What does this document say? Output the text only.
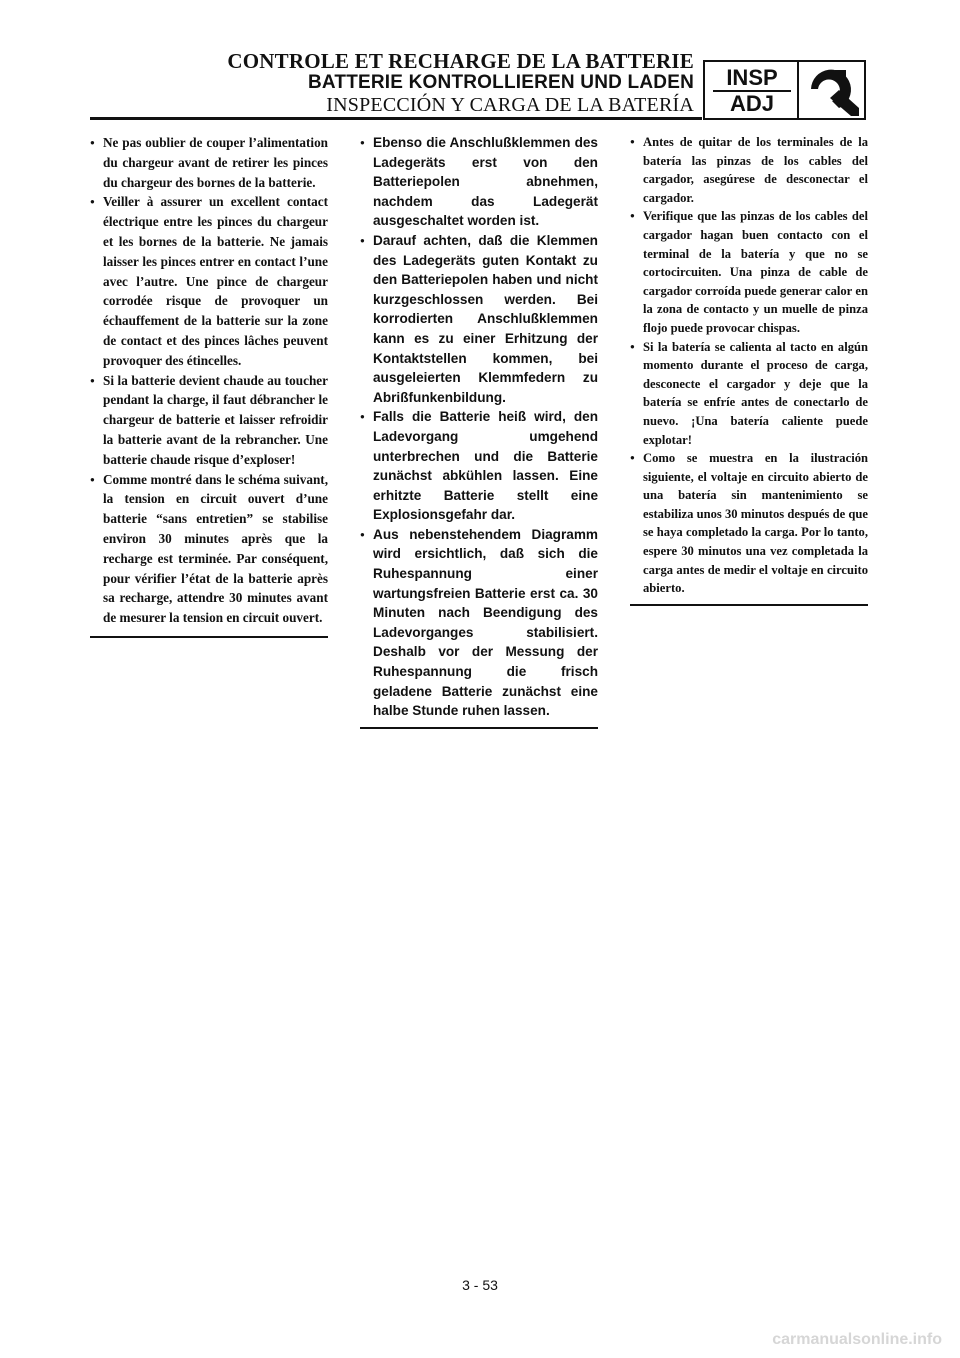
CONTROLE ET RECHARGE DE LA BATTERIE
BATTERIE KONTROLLIEREN UND LADEN
INSPECCIÓN Y CARGA DE LA BATERÍA
INSP
ADJ
● Ne pas oublier de couper l’alimentation du chargeur avant de retirer les pinces du chargeur des bornes de la batterie.
● Veiller à assurer un excellent contact électrique entre les pinces du chargeur et les bornes de la batterie. Ne jamais laisser les pinces entrer en contact l’une avec l’autre. Une pince de chargeur corrodée risque de provoquer un échauffement de la batterie sur la zone de contact et des pinces lâches peuvent provoquer des étincelles.
● Si la batterie devient chaude au toucher pendant la charge, il faut débrancher le chargeur de batterie et laisser refroidir la batterie avant de la rebrancher. Une batterie chaude risque d’exploser!
● Comme montré dans le schéma suivant, la tension en circuit ouvert d’une batterie “sans entretien” se stabilise environ 30 minutes après que la recharge est terminée. Par conséquent, pour vérifier l’état de la batterie après sa recharge, attendre 30 minutes avant de mesurer la tension en circuit ouvert.
● Ebenso die Anschlußklemmen des Ladegeräts erst von den Batteriepolen abnehmen, nachdem das Ladegerät ausgeschaltet worden ist.
● Darauf achten, daß die Klemmen des Ladegeräts guten Kontakt zu den Batteriepolen haben und nicht kurzgeschlossen werden. Bei korrodierten Anschlußklemmen kann es zu einer Erhitzung der Kontaktstellen kommen, bei ausgeleierten Klemmfedern zu Abrißfunkenbildung.
● Falls die Batterie heiß wird, den Ladevorgang umgehend unterbrechen und die Batterie zunächst abkühlen lassen. Eine erhitzte Batterie stellt eine Explosionsgefahr dar.
● Aus nebenstehendem Diagramm wird ersichtlich, daß sich die Ruhespannung einer wartungsfreien Batterie erst ca. 30 Minuten nach Beendigung des Ladevorganges stabilisiert. Deshalb vor der Messung der Ruhespannung die frisch geladene Batterie zunächst eine halbe Stunde ruhen lassen.
● Antes de quitar de los terminales de la batería las pinzas de los cables del cargador, asegúrese de desconectar el cargador.
● Verifique que las pinzas de los cables del cargador hagan buen contacto con el terminal de la batería y que no se cortocircuiten. Una pinza de cable de cargador corroída puede generar calor en la zona de contacto y un muelle de pinza flojo puede provocar chispas.
● Si la batería se calienta al tacto en algún momento durante el proceso de carga, desconecte el cargador y deje que la batería se enfríe antes de conectarlo de nuevo. ¡Una batería caliente puede explotar!
● Como se muestra en la ilustración siguiente, el voltaje en circuito abierto de una batería sin mantenimiento se estabiliza unos 30 minutos después de que se haya completado la carga. Por lo tanto, espere 30 minutos una vez completada la carga antes de medir el voltaje en circuito abierto.
3 - 53
carmanualsonline.info
